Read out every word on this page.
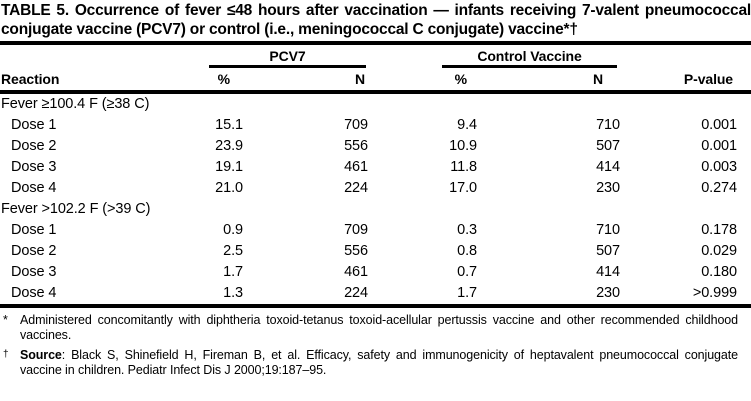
TABLE 5. Occurrence of fever ≤48 hours after vaccination — infants receiving 7-valent pneumococcal conjugate vaccine (PCV7) or control (i.e., meningococcal C conjugate) vaccine*†

	PCV7		Control Vaccine		

Reaction	%	N	%	N	P-value
Fever ≥100.4 F (≥38 C)					
Dose 1	15.1	709	9.4	710	0.001
Dose 2	23.9	556	10.9	507	0.001
Dose 3	19.1	461	11.8	414	0.003
Dose 4	21.0	224	17.0	230	0.274
Fever >102.2 F (>39 C)					
Dose 1	0.9	709	0.3	710	0.178
Dose 2	2.5	556	0.8	507	0.029
Dose 3	1.7	461	0.7	414	0.180
Dose 4	1.3	224	1.7	230	>0.999
* Administered concomitantly with diphtheria toxoid-tetanus toxoid-acellular pertussis vaccine and other recommended childhood vaccines.
† Source: Black S, Shinefield H, Fireman B, et al. Efficacy, safety and immunogenicity of heptavalent pneumococcal conjugate vaccine in children. Pediatr Infect Dis J 2000;19:187–95.
